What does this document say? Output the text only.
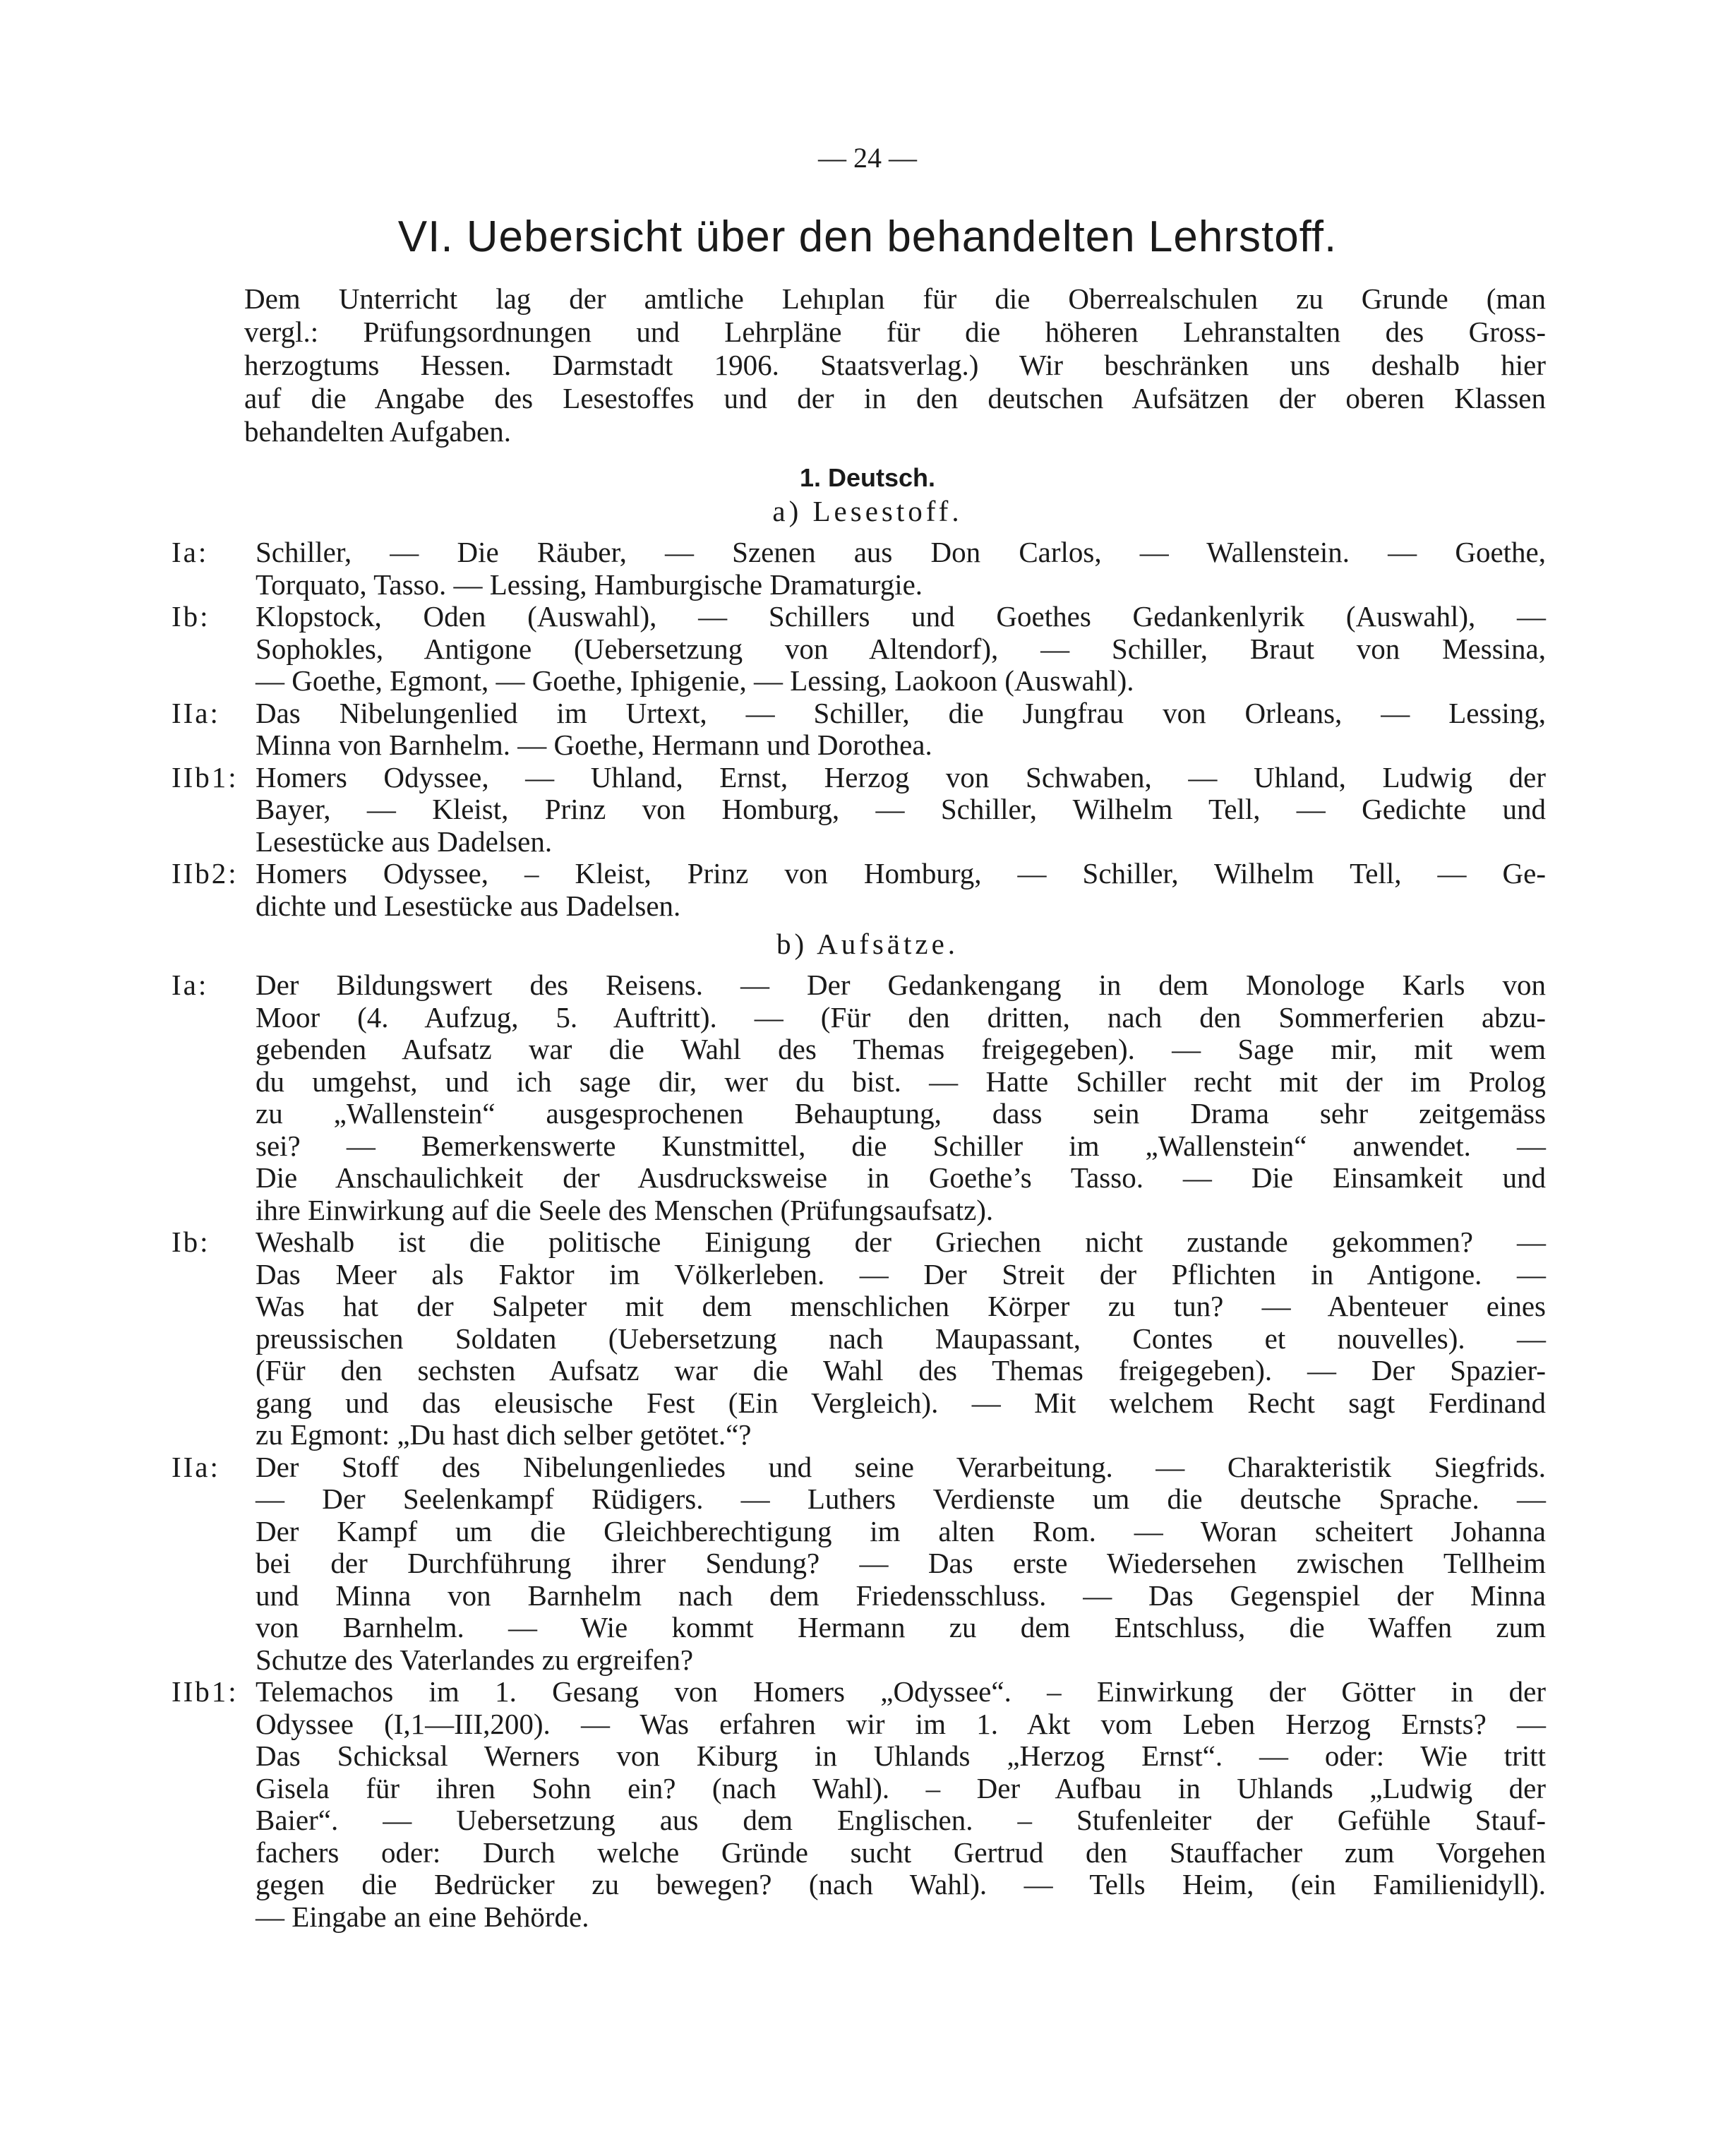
— 24 —
VI. Uebersicht über den behandelten Lehrstoff.
Dem Unterricht lag der amtliche Lehıplan für die Oberrealschulen zu Grunde (man
vergl.: Prüfungsordnungen und Lehrpläne für die höheren Lehranstalten des Gross-
herzogtums Hessen. Darmstadt 1906. Staatsverlag.) Wir beschränken uns deshalb hier
auf die Angabe des Lesestoffes und der in den deutschen Aufsätzen der oberen Klassen
behandelten Aufgaben.
1. Deutsch.
a) Lesestoff.
Ia: Schiller, — Die Räuber, — Szenen aus Don Carlos, — Wallenstein. — Goethe,
Torquato, Tasso. — Lessing, Hamburgische Dramaturgie.
Ib: Klopstock, Oden (Auswahl), — Schillers und Goethes Gedankenlyrik (Auswahl), —
Sophokles, Antigone (Uebersetzung von Altendorf), — Schiller, Braut von Messina,
— Goethe, Egmont, — Goethe, Iphigenie, — Lessing, Laokoon (Auswahl).
IIa: Das Nibelungenlied im Urtext, — Schiller, die Jungfrau von Orleans, — Lessing,
Minna von Barnhelm. — Goethe, Hermann und Dorothea.
IIb1: Homers Odyssee, — Uhland, Ernst, Herzog von Schwaben, — Uhland, Ludwig der
Bayer, — Kleist, Prinz von Homburg, — Schiller, Wilhelm Tell, — Gedichte und
Lesestücke aus Dadelsen.
IIb2: Homers Odyssee, – Kleist, Prinz von Homburg, — Schiller, Wilhelm Tell, — Ge-
dichte und Lesestücke aus Dadelsen.
b) Aufsätze.
Ia: Der Bildungswert des Reisens. — Der Gedankengang in dem Monologe Karls von
Moor (4. Aufzug, 5. Auftritt). — (Für den dritten, nach den Sommerferien abzu-
gebenden Aufsatz war die Wahl des Themas freigegeben). — Sage mir, mit wem
du umgehst, und ich sage dir, wer du bist. — Hatte Schiller recht mit der im Prolog
zu „Wallenstein“ ausgesprochenen Behauptung, dass sein Drama sehr zeitgemäss
sei? — Bemerkenswerte Kunstmittel, die Schiller im „Wallenstein“ anwendet. —
Die Anschaulichkeit der Ausdrucksweise in Goethe’s Tasso. — Die Einsamkeit und
ihre Einwirkung auf die Seele des Menschen (Prüfungsaufsatz).
Ib: Weshalb ist die politische Einigung der Griechen nicht zustande gekommen? —
Das Meer als Faktor im Völkerleben. — Der Streit der Pflichten in Antigone. —
Was hat der Salpeter mit dem menschlichen Körper zu tun? — Abenteuer eines
preussischen Soldaten (Uebersetzung nach Maupassant, Contes et nouvelles). —
(Für den sechsten Aufsatz war die Wahl des Themas freigegeben). — Der Spazier-
gang und das eleusische Fest (Ein Vergleich). — Mit welchem Recht sagt Ferdinand
zu Egmont: „Du hast dich selber getötet.“?
IIa: Der Stoff des Nibelungenliedes und seine Verarbeitung. — Charakteristik Siegfrids.
— Der Seelenkampf Rüdigers. — Luthers Verdienste um die deutsche Sprache. —
Der Kampf um die Gleichberechtigung im alten Rom. — Woran scheitert Johanna
bei der Durchführung ihrer Sendung? — Das erste Wiedersehen zwischen Tellheim
und Minna von Barnhelm nach dem Friedensschluss. — Das Gegenspiel der Minna
von Barnhelm. — Wie kommt Hermann zu dem Entschluss, die Waffen zum
Schutze des Vaterlandes zu ergreifen?
IIb1: Telemachos im 1. Gesang von Homers „Odyssee“. – Einwirkung der Götter in der
Odyssee (I,1—III,200). — Was erfahren wir im 1. Akt vom Leben Herzog Ernsts? —
Das Schicksal Werners von Kiburg in Uhlands „Herzog Ernst“. — oder: Wie tritt
Gisela für ihren Sohn ein? (nach Wahl). – Der Aufbau in Uhlands „Ludwig der
Baier“. — Uebersetzung aus dem Englischen. – Stufenleiter der Gefühle Stauf-
fachers oder: Durch welche Gründe sucht Gertrud den Stauffacher zum Vorgehen
gegen die Bedrücker zu bewegen? (nach Wahl). — Tells Heim, (ein Familienidyll).
— Eingabe an eine Behörde.
